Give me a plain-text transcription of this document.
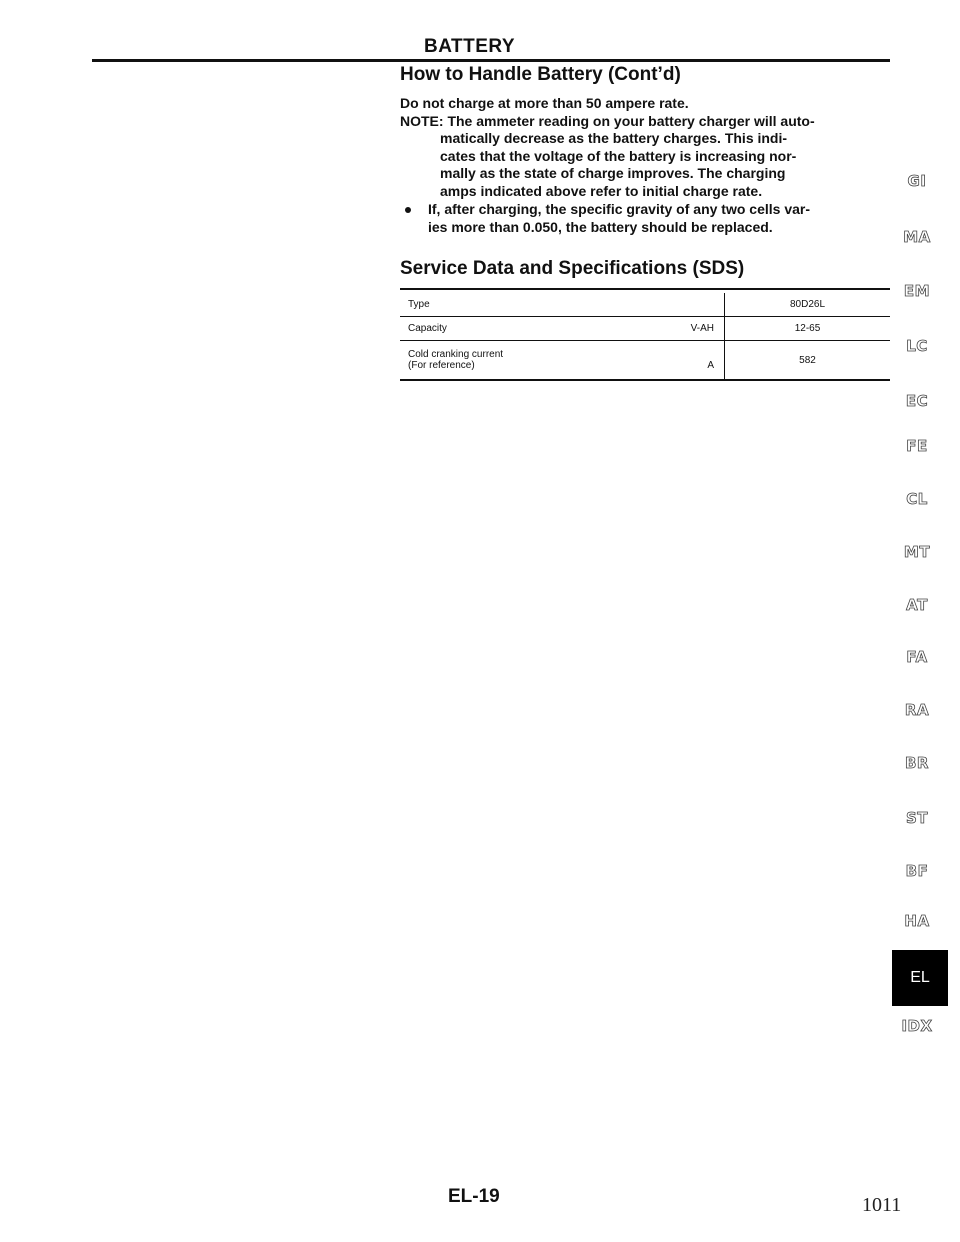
BATTERY
How to Handle Battery (Cont’d)

Do not charge at more than 50 ampere rate.

NOTE: The ammeter reading on your battery charger will auto-

matically decrease as the battery charges. This indi-

cates that the voltage of the battery is increasing nor-

mally as the state of charge improves. The charging

amps indicated above refer to initial charge rate.

If, after charging, the specific gravity of any two cells var-

ies more than 0.050, the battery should be replaced.

Service Data and Specifications (SDS)
Type	80D26L

Capacity V-AH	12-65

Cold cranking current
(For reference) A	582
GI
MA
EM
LC
EC
FE
CL
MT
AT
FA
RA
BR
ST
BF
HA
EL
IDX
EL-19	1011
